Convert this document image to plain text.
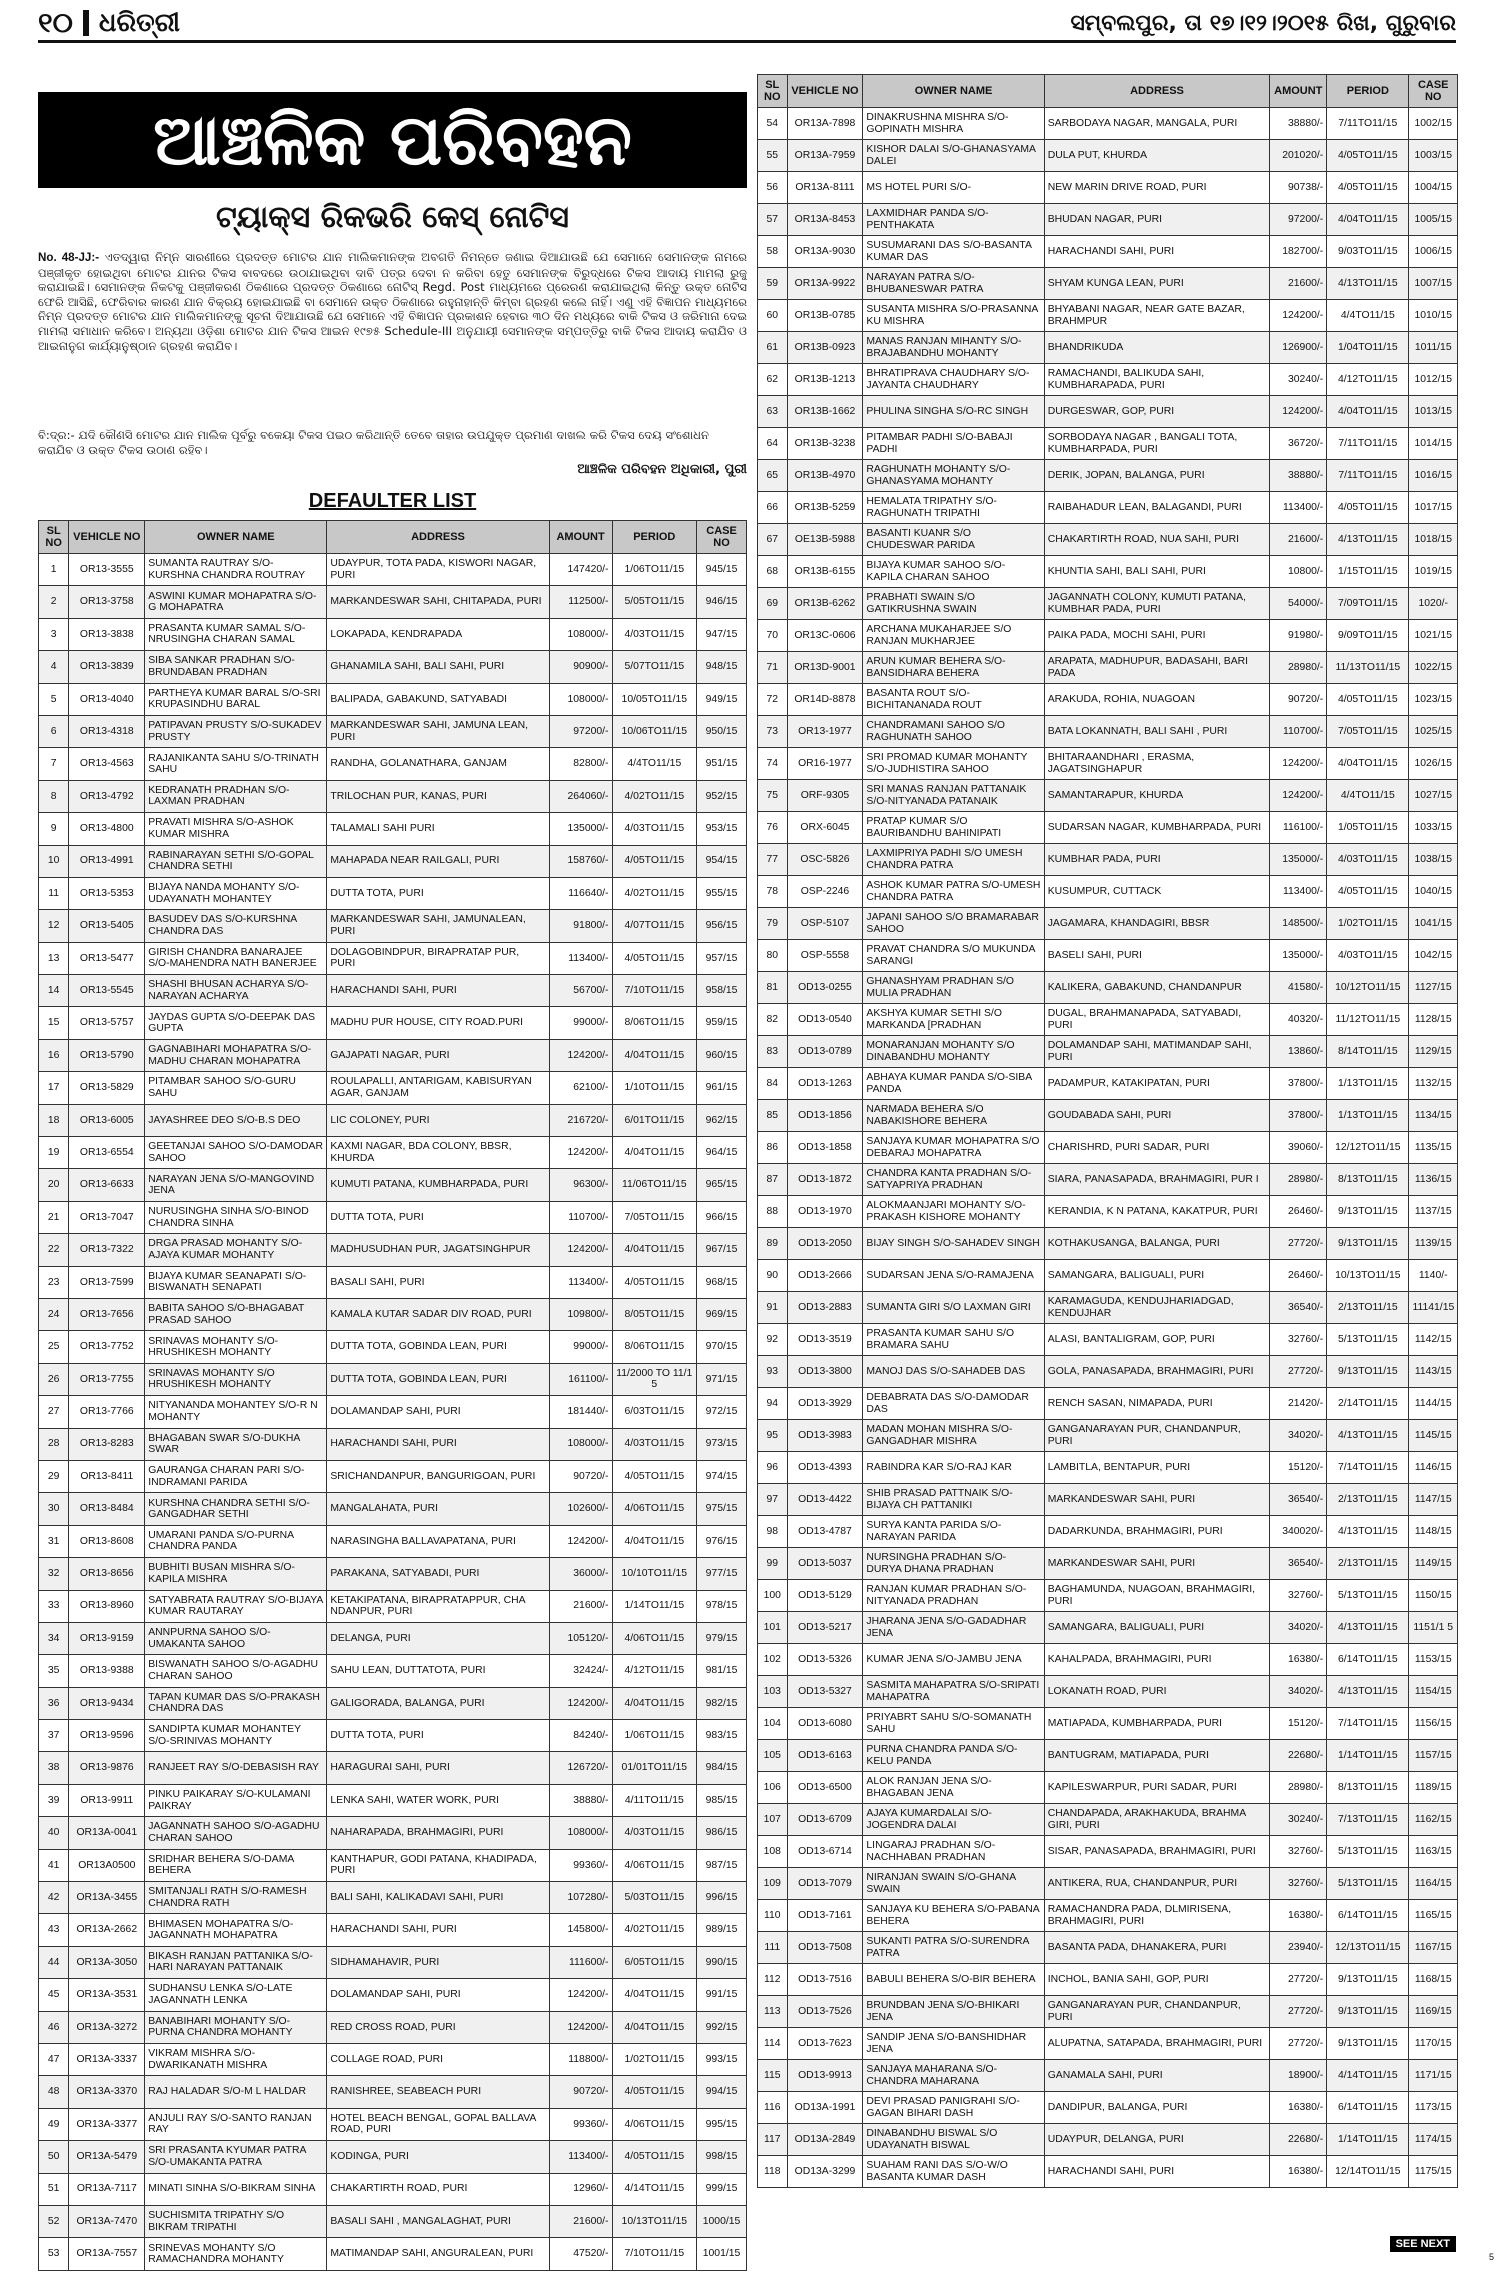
୧୦ ଧରିତ୍ରୀ	ସମ୍ବଲପୁର, ତା ୧୭।୧୨।୨୦୧୫ ରିଖ, ଗୁରୁବାର
ଆଞ୍ଚଳିକ ପରିବହନ
ଟ୍ୟାକ୍ସ ରିକଭରି କେସ୍ ନୋଟିସ
No. 48-JJ:- ଏତଦ୍ୱାରା ନିମ୍ନ ସାରଣୀରେ ପ୍ରଦତ୍ତ ମୋଟର ଯାନ ମାଲିକମାନଙ୍କ ଅବଗତି ନିମନ୍ତେ ଜଣାଇ ଦିଆଯାଉଛି ଯେ ସେମାନେ ସେମାନଙ୍କ ନାମରେ ପଞ୍ଜୀକୃତ ହୋଇଥିବା ମୋଟର ଯାନର ଟିକସ ବାବଦରେ ଉଠାଯାଇଥିବା ଦାବି ପତ୍ର ଦେବା ନ କରିବା ହେତୁ ସେମାନଙ୍କ ବିରୁଦ୍ଧରେ ଟିକସ ଆଦାୟ ମାମଲା ରୁଜୁ କରାଯାଇଛି। ସେମାନଙ୍କ ନିକଟକୁ ପଞ୍ଜୀକରଣ ଠିକଣାରେ ପ୍ରଦତ୍ତ ଠିକଣାରେ ନୋଟିସ୍ Regd. Post ମାଧ୍ୟମରେ ପ୍ରେରଣ କରାଯାଇଥିଲା କିନ୍ତୁ ଉକ୍ତ ନୋଟିସ ଫେରି ଆସିଛି, ଫେରିବାର କାରଣ ଯାନ ବିକ୍ରୟ ହୋଇଯାଇଛି ବା ସେମାନେ ଉକ୍ତ ଠିକଣାରେ ରହୁନାହାନ୍ତି କିମ୍ବା ଗ୍ରହଣ କଲେ ନାହିଁ। ଏଣୁ ଏହି ବିଜ୍ଞାପନ ମାଧ୍ୟମରେ ନିମ୍ନ ପ୍ରଦତ୍ତ ମୋଟର ଯାନ ମାଲିକମାନଙ୍କୁ ସୂଚନା ଦିଆଯାଉଛି ଯେ ସେମାନେ ଏହି ବିଜ୍ଞାପନ ପ୍ରକାଶନ ହେବାର ୩୦ ଦିନ ମଧ୍ୟରେ ବାକି ଟିକସ ଓ ଜରିମାନା ଦେଇ ମାମଲା ସମାଧାନ କରିବେ। ଅନ୍ୟଥା ଓଡ଼ିଶା ମୋଟର ଯାନ ଟିକସ ଆଇନ ୧୯୭୫ Schedule-III ଅନୁଯାୟୀ ସେମାନଙ୍କ ସମ୍ପତ୍ତିରୁ ବାକି ଟିକସ ଆଦାୟ କରାଯିବ ଓ ଆଇନାନୁଗ କାର୍ଯ୍ୟାନୁଷ୍ଠାନ ଗ୍ରହଣ କରାଯିବ।
ବି:ଦ୍ର:- ଯଦି କୌଣସି ମୋଟର ଯାନ ମାଲିକ ପୂର୍ବରୁ ବକେୟା ଟିକସ ପଇଠ କରିଥାନ୍ତି ତେବେ ତାହାର ଉପଯୁକ୍ତ ପ୍ରମାଣ ଦାଖଲ କରି ଟିକସ ଦେୟ ସଂଶୋଧନ କରାଯିବ ଓ ଉକ୍ତ ଟିକସ ଉଠାଣ ରହିବ।
ଆଞ୍ଚଳିକ ପରିବହନ ଅଧିକାରୀ, ପୁରୀ
DEFAULTER LIST
SL NO	VEHICLE NO	OWNER NAME	ADDRESS	AMOUNT	PERIOD	CASE NO
1	OR13-3555	SUMANTA RAUTRAY S/O-KURSHNA CHANDRA ROUTRAY	UDAYPUR, TOTA PADA, KISWORI NAGAR, PURI	147420/-	1/06TO11/15	945/15
2	OR13-3758	ASWINI KUMAR MOHAPATRA S/O-G MOHAPATRA	MARKANDESWAR SAHI, CHITAPADA, PURI	112500/-	5/05TO11/15	946/15
3	OR13-3838	PRASANTA KUMAR SAMAL S/O-NRUSINGHA CHARAN SAMAL	LOKAPADA, KENDRAPADA	108000/-	4/03TO11/15	947/15
4	OR13-3839	SIBA SANKAR PRADHAN S/O-BRUNDABAN PRADHAN	GHANAMILA SAHI, BALI SAHI, PURI	90900/-	5/07TO11/15	948/15
5	OR13-4040	PARTHEYA KUMAR BARAL S/O-SRI KRUPASINDHU BARAL	BALIPADA, GABAKUND, SATYABADI	108000/-	10/05TO11/15	949/15
6	OR13-4318	PATIPAVAN PRUSTY S/O-SUKADEV PRUSTY	MARKANDESWAR SAHI, JAMUNA LEAN, PURI	97200/-	10/06TO11/15	950/15
7	OR13-4563	RAJANIKANTA SAHU S/O-TRINATH SAHU	RANDHA, GOLANATHARA, GANJAM	82800/-	4/4TO11/15	951/15
8	OR13-4792	KEDRANATH PRADHAN S/O-LAXMAN PRADHAN	TRILOCHAN PUR, KANAS, PURI	264060/-	4/02TO11/15	952/15
9	OR13-4800	PRAVATI MISHRA S/O-ASHOK KUMAR MISHRA	TALAMALI SAHI PURI	135000/-	4/03TO11/15	953/15
10	OR13-4991	RABINARAYAN SETHI S/O-GOPAL CHANDRA SETHI	MAHAPADA NEAR RAILGALI, PURI	158760/-	4/05TO11/15	954/15
11	OR13-5353	BIJAYA NANDA MOHANTY S/O-UDAYANATH MOHANTEY	DUTTA TOTA, PURI	116640/-	4/02TO11/15	955/15
12	OR13-5405	BASUDEV DAS S/O-KURSHNA CHANDRA DAS	MARKANDESWAR SAHI, JAMUNALEAN, PURI	91800/-	4/07TO11/15	956/15
13	OR13-5477	GIRISH CHANDRA BANARAJEE S/O-MAHENDRA NATH BANERJEE	DOLAGOBINDPUR, BIRAPRATAP PUR, PURI	113400/-	4/05TO11/15	957/15
14	OR13-5545	SHASHI BHUSAN ACHARYA S/O-NARAYAN ACHARYA	HARACHANDI SAHI, PURI	56700/-	7/10TO11/15	958/15
15	OR13-5757	JAYDAS GUPTA S/O-DEEPAK DAS GUPTA	MADHU PUR HOUSE, CITY ROAD.PURI	99000/-	8/06TO11/15	959/15
16	OR13-5790	GAGNABIHARI MOHAPATRA S/O-MADHU CHARAN MOHAPATRA	GAJAPATI NAGAR, PURI	124200/-	4/04TO11/15	960/15
17	OR13-5829	PITAMBAR SAHOO S/O-GURU SAHU	ROULAPALLI, ANTARIGAM, KABISURYAN AGAR, GANJAM	62100/-	1/10TO11/15	961/15
18	OR13-6005	JAYASHREE DEO S/O-B.S DEO	LIC COLONEY, PURI	216720/-	6/01TO11/15	962/15
19	OR13-6554	GEETANJAI SAHOO S/O-DAMODAR SAHOO	KAXMI NAGAR, BDA COLONY, BBSR, KHURDA	124200/-	4/04TO11/15	964/15
20	OR13-6633	NARAYAN JENA S/O-MANGOVIND JENA	KUMUTI PATANA, KUMBHARPADA, PURI	96300/-	11/06TO11/15	965/15
21	OR13-7047	NURUSINGHA SINHA S/O-BINOD CHANDRA SINHA	DUTTA TOTA, PURI	110700/-	7/05TO11/15	966/15
22	OR13-7322	DRGA PRASAD MOHANTY S/O-AJAYA KUMAR MOHANTY	MADHUSUDHAN PUR, JAGATSINGHPUR	124200/-	4/04TO11/15	967/15
23	OR13-7599	BIJAYA KUMAR SEANAPATI S/O-BISWANATH SENAPATI	BASALI SAHI, PURI	113400/-	4/05TO11/15	968/15
24	OR13-7656	BABITA SAHOO S/O-BHAGABAT PRASAD SAHOO	KAMALA KUTAR SADAR DIV ROAD, PURI	109800/-	8/05TO11/15	969/15
25	OR13-7752	SRINAVAS MOHANTY S/O-HRUSHIKESH MOHANTY	DUTTA TOTA, GOBINDA LEAN, PURI	99000/-	8/06TO11/15	970/15
26	OR13-7755	SRINAVAS MOHANTY S/O HRUSHIKESH MOHANTY	DUTTA TOTA, GOBINDA LEAN, PURI	161100/-	11/2000 TO 11/1 5	971/15
27	OR13-7766	NITYANANDA MOHANTEY S/O-R N MOHANTY	DOLAMANDAP SAHI, PURI	181440/-	6/03TO11/15	972/15
28	OR13-8283	BHAGABAN SWAR S/O-DUKHA SWAR	HARACHANDI SAHI, PURI	108000/-	4/03TO11/15	973/15
29	OR13-8411	GAURANGA CHARAN PARI S/O-INDRAMANI PARIDA	SRICHANDANPUR, BANGURIGOAN, PURI	90720/-	4/05TO11/15	974/15
30	OR13-8484	KURSHNA CHANDRA SETHI S/O-GANGADHAR SETHI	MANGALAHATA, PURI	102600/-	4/06TO11/15	975/15
31	OR13-8608	UMARANI PANDA S/O-PURNA CHANDRA PANDA	NARASINGHA BALLAVAPATANA, PURI	124200/-	4/04TO11/15	976/15
32	OR13-8656	BUBHITI BUSAN MISHRA S/O-KAPILA MISHRA	PARAKANA, SATYABADI, PURI	36000/-	10/10TO11/15	977/15
33	OR13-8960	SATYABRATA RAUTRAY S/O-BIJAYA KUMAR RAUTARAY	KETAKIPATANA, BIRAPRATAPPUR, CHA NDANPUR, PURI	21600/-	1/14TO11/15	978/15
34	OR13-9159	ANNPURNA SAHOO S/O-UMAKANTA SAHOO	DELANGA, PURI	105120/-	4/06TO11/15	979/15
35	OR13-9388	BISWANATH SAHOO S/O-AGADHU CHARAN SAHOO	SAHU LEAN, DUTTATOTA, PURI	32424/-	4/12TO11/15	981/15
36	OR13-9434	TAPAN KUMAR DAS S/O-PRAKASH CHANDRA DAS	GALIGORADA, BALANGA, PURI	124200/-	4/04TO11/15	982/15
37	OR13-9596	SANDIPTA KUMAR MOHANTEY S/O-SRINIVAS MOHANTY	DUTTA TOTA, PURI	84240/-	1/06TO11/15	983/15
38	OR13-9876	RANJEET RAY S/O-DEBASISH RAY	HARAGURAI SAHI, PURI	126720/-	01/01TO11/15	984/15
39	OR13-9911	PINKU PAIKARAY S/O-KULAMANI PAIKRAY	LENKA SAHI, WATER WORK, PURI	38880/-	4/11TO11/15	985/15
40	OR13A-0041	JAGANNATH SAHOO S/O-AGADHU CHARAN SAHOO	NAHARAPADA, BRAHMAGIRI, PURI	108000/-	4/03TO11/15	986/15
41	OR13A0500	SRIDHAR BEHERA S/O-DAMA BEHERA	KANTHAPUR, GODI PATANA, KHADIPADA, PURI	99360/-	4/06TO11/15	987/15
42	OR13A-3455	SMITANJALI RATH S/O-RAMESH CHANDRA RATH	BALI SAHI, KALIKADAVI SAHI, PURI	107280/-	5/03TO11/15	996/15
43	OR13A-2662	BHIMASEN MOHAPATRA S/O-JAGANNATH MOHAPATRA	HARACHANDI SAHI, PURI	145800/-	4/02TO11/15	989/15
44	OR13A-3050	BIKASH RANJAN PATTANIKA S/O-HARI NARAYAN PATTANAIK	SIDHAMAHAVIR, PURI	111600/-	6/05TO11/15	990/15
45	OR13A-3531	SUDHANSU LENKA S/O-LATE JAGANNATH LENKA	DOLAMANDAP SAHI, PURI	124200/-	4/04TO11/15	991/15
46	OR13A-3272	BANABIHARI MOHANTY S/O-PURNA CHANDRA MOHANTY	RED CROSS ROAD, PURI	124200/-	4/04TO11/15	992/15
47	OR13A-3337	VIKRAM MISHRA S/O-DWARIKANATH MISHRA	COLLAGE ROAD, PURI	118800/-	1/02TO11/15	993/15
48	OR13A-3370	RAJ HALADAR S/O-M L HALDAR	RANISHREE, SEABEACH PURI	90720/-	4/05TO11/15	994/15
49	OR13A-3377	ANJULI RAY S/O-SANTO RANJAN RAY	HOTEL BEACH BENGAL, GOPAL BALLAVA ROAD, PURI	99360/-	4/06TO11/15	995/15
50	OR13A-5479	SRI PRASANTA KYUMAR PATRA S/O-UMAKANTA PATRA	KODINGA, PURI	113400/-	4/05TO11/15	998/15
51	OR13A-7117	MINATI SINHA S/O-BIKRAM SINHA	CHAKARTIRTH ROAD, PURI	12960/-	4/14TO11/15	999/15
52	OR13A-7470	SUCHISMITA TRIPATHY S/O BIKRAM TRIPATHI	BASALI SAHI , MANGALAGHAT, PURI	21600/-	10/13TO11/15	1000/15
53	OR13A-7557	SRINEVAS MOHANTY S/O RAMACHANDRA MOHANTY	MATIMANDAP SAHI, ANGURALEAN, PURI	47520/-	7/10TO11/15	1001/15
SL NO	VEHICLE NO	OWNER NAME	ADDRESS	AMOUNT	PERIOD	CASE NO
54	OR13A-7898	DINAKRUSHNA MISHRA S/O-GOPINATH MISHRA	SARBODAYA NAGAR, MANGALA, PURI	38880/-	7/11TO11/15	1002/15
55	OR13A-7959	KISHOR DALAI S/O-GHANASYAMA DALEI	DULA PUT, KHURDA	201020/-	4/05TO11/15	1003/15
56	OR13A-8111	MS HOTEL PURI S/O-	NEW MARIN DRIVE ROAD, PURI	90738/-	4/05TO11/15	1004/15
57	OR13A-8453	LAXMIDHAR PANDA S/O-PENTHAKATA	BHUDAN NAGAR, PURI	97200/-	4/04TO11/15	1005/15
58	OR13A-9030	SUSUMARANI DAS S/O-BASANTA KUMAR DAS	HARACHANDI SAHI, PURI	182700/-	9/03TO11/15	1006/15
59	OR13A-9922	NARAYAN PATRA S/O-BHUBANESWAR PATRA	SHYAM KUNGA LEAN, PURI	21600/-	4/13TO11/15	1007/15
60	OR13B-0785	SUSANTA MISHRA S/O-PRASANNA KU MISHRA	BHYABANI NAGAR, NEAR GATE BAZAR, BRAHMPUR	124200/-	4/4TO11/15	1010/15
61	OR13B-0923	MANAS RANJAN MIHANTY S/O-BRAJABANDHU MOHANTY	BHANDRIKUDA	126900/-	1/04TO11/15	1011/15
62	OR13B-1213	BHRATIPRAVA CHAUDHARY S/O-JAYANTA CHAUDHARY	RAMACHANDI, BALIKUDA SAHI, KUMBHARAPADA, PURI	30240/-	4/12TO11/15	1012/15
63	OR13B-1662	PHULINA SINGHA S/O-RC SINGH	DURGESWAR, GOP, PURI	124200/-	4/04TO11/15	1013/15
64	OR13B-3238	PITAMBAR PADHI S/O-BABAJI PADHI	SORBODAYA NAGAR , BANGALI TOTA, KUMBHARPADA, PURI	36720/-	7/11TO11/15	1014/15
65	OR13B-4970	RAGHUNATH MOHANTY S/O-GHANASYAMA MOHANTY	DERIK, JOPAN, BALANGA, PURI	38880/-	7/11TO11/15	1016/15
66	OR13B-5259	HEMALATA TRIPATHY S/O-RAGHUNATH TRIPATHI	RAIBAHADUR LEAN, BALAGANDI, PURI	113400/-	4/05TO11/15	1017/15
67	OE13B-5988	BASANTI KUANR S/O CHUDESWAR PARIDA	CHAKARTIRTH ROAD, NUA SAHI, PURI	21600/-	4/13TO11/15	1018/15
68	OR13B-6155	BIJAYA KUMAR SAHOO S/O-KAPILA CHARAN SAHOO	KHUNTIA SAHI, BALI SAHI, PURI	10800/-	1/15TO11/15	1019/15
69	OR13B-6262	PRABHATI SWAIN S/O GATIKRUSHNA SWAIN	JAGANNATH COLONY, KUMUTI PATANA, KUMBHAR PADA, PURI	54000/-	7/09TO11/15	1020/-
70	OR13C-0606	ARCHANA MUKAHARJEE S/O RANJAN MUKHARJEE	PAIKA PADA, MOCHI SAHI, PURI	91980/-	9/09TO11/15	1021/15
71	OR13D-9001	ARUN KUMAR BEHERA S/O-BANSIDHARA BEHERA	ARAPATA, MADHUPUR, BADASAHI, BARI PADA	28980/-	11/13TO11/15	1022/15
72	OR14D-8878	BASANTA ROUT S/O-BICHITANANADA ROUT	ARAKUDA, ROHIA, NUAGOAN	90720/-	4/05TO11/15	1023/15
73	OR13-1977	CHANDRAMANI SAHOO S/O RAGHUNATH SAHOO	BATA LOKANNATH, BALI SAHI , PURI	110700/-	7/05TO11/15	1025/15
74	OR16-1977	SRI PROMAD KUMAR MOHANTY S/O-JUDHISTIRA SAHOO	BHITARAANDHARI , ERASMA, JAGATSINGHAPUR	124200/-	4/04TO11/15	1026/15
75	ORF-9305	SRI MANAS RANJAN PATTANAIK S/O-NITYANADA PATANAIK	SAMANTARAPUR, KHURDA	124200/-	4/4TO11/15	1027/15
76	ORX-6045	PRATAP KUMAR S/O BAURIBANDHU BAHINIPATI	SUDARSAN NAGAR, KUMBHARPADA, PURI	116100/-	1/05TO11/15	1033/15
77	OSC-5826	LAXMIPRIYA PADHI S/O UMESH CHANDRA PATRA	KUMBHAR PADA, PURI	135000/-	4/03TO11/15	1038/15
78	OSP-2246	ASHOK KUMAR PATRA S/O-UMESH CHANDRA PATRA	KUSUMPUR, CUTTACK	113400/-	4/05TO11/15	1040/15
79	OSP-5107	JAPANI SAHOO S/O BRAMARABAR SAHOO	JAGAMARA, KHANDAGIRI, BBSR	148500/-	1/02TO11/15	1041/15
80	OSP-5558	PRAVAT CHANDRA S/O MUKUNDA SARANGI	BASELI SAHI, PURI	135000/-	4/03TO11/15	1042/15
81	OD13-0255	GHANASHYAM PRADHAN S/O MULIA PRADHAN	KALIKERA, GABAKUND, CHANDANPUR	41580/-	10/12TO11/15	1127/15
82	OD13-0540	AKSHYA KUMAR SETHI S/O MARKANDA [PRADHAN	DUGAL, BRAHMANAPADA, SATYABADI, PURI	40320/-	11/12TO11/15	1128/15
83	OD13-0789	MONARANJAN MOHANTY S/O DINABANDHU MOHANTY	DOLAMANDAP SAHI, MATIMANDAP SAHI, PURI	13860/-	8/14TO11/15	1129/15
84	OD13-1263	ABHAYA KUMAR PANDA S/O-SIBA PANDA	PADAMPUR, KATAKIPATAN, PURI	37800/-	1/13TO11/15	1132/15
85	OD13-1856	NARMADA BEHERA S/O NABAKISHORE BEHERA	GOUDABADA SAHI, PURI	37800/-	1/13TO11/15	1134/15
86	OD13-1858	SANJAYA KUMAR MOHAPATRA S/O DEBARAJ MOHAPATRA	CHARISHRD, PURI SADAR, PURI	39060/-	12/12TO11/15	1135/15
87	OD13-1872	CHANDRA KANTA PRADHAN S/O-SATYAPRIYA PRADHAN	SIARA, PANASAPADA, BRAHMAGIRI, PUR I	28980/-	8/13TO11/15	1136/15
88	OD13-1970	ALOKMAANJARI MOHANTY S/O-PRAKASH KISHORE MOHANTY	KERANDIA, K N PATANA, KAKATPUR, PURI	26460/-	9/13TO11/15	1137/15
89	OD13-2050	BIJAY SINGH S/O-SAHADEV SINGH	KOTHAKUSANGA, BALANGA, PURI	27720/-	9/13TO11/15	1139/15
90	OD13-2666	SUDARSAN JENA S/O-RAMAJENA	SAMANGARA, BALIGUALI, PURI	26460/-	10/13TO11/15	1140/-
91	OD13-2883	SUMANTA GIRI S/O LAXMAN GIRI	KARAMAGUDA, KENDUJHARIADGAD, KENDUJHAR	36540/-	2/13TO11/15	11141/15
92	OD13-3519	PRASANTA KUMAR SAHU S/O BRAMARA SAHU	ALASI, BANTALIGRAM, GOP, PURI	32760/-	5/13TO11/15	1142/15
93	OD13-3800	MANOJ DAS S/O-SAHADEB DAS	GOLA, PANASAPADA, BRAHMAGIRI, PURI	27720/-	9/13TO11/15	1143/15
94	OD13-3929	DEBABRATA DAS S/O-DAMODAR DAS	RENCH SASAN, NIMAPADA, PURI	21420/-	2/14TO11/15	1144/15
95	OD13-3983	MADAN MOHAN MISHRA S/O-GANGADHAR MISHRA	GANGANARAYAN PUR, CHANDANPUR, PURI	34020/-	4/13TO11/15	1145/15
96	OD13-4393	RABINDRA KAR S/O-RAJ KAR	LAMBITLA, BENTAPUR, PURI	15120/-	7/14TO11/15	1146/15
97	OD13-4422	SHIB PRASAD PATTNAIK S/O-BIJAYA CH PATTANIKI	MARKANDESWAR SAHI, PURI	36540/-	2/13TO11/15	1147/15
98	OD13-4787	SURYA KANTA PARIDA S/O-NARAYAN PARIDA	DADARKUNDA, BRAHMAGIRI, PURI	340020/-	4/13TO11/15	1148/15
99	OD13-5037	NURSINGHA PRADHAN S/O-DURYA DHANA PRADHAN	MARKANDESWAR SAHI, PURI	36540/-	2/13TO11/15	1149/15
100	OD13-5129	RANJAN KUMAR PRADHAN S/O-NITYANADA PRADHAN	BAGHAMUNDA, NUAGOAN, BRAHMAGIRI, PURI	32760/-	5/13TO11/15	1150/15
101	OD13-5217	JHARANA JENA S/O-GADADHAR JENA	SAMANGARA, BALIGUALI, PURI	34020/-	4/13TO11/15	1151/1 5
102	OD13-5326	KUMAR JENA S/O-JAMBU JENA	KAHALPADA, BRAHMAGIRI, PURI	16380/-	6/14TO11/15	1153/15
103	OD13-5327	SASMITA MAHAPATRA S/O-SRIPATI MAHAPATRA	LOKANATH ROAD, PURI	34020/-	4/13TO11/15	1154/15
104	OD13-6080	PRIYABRT SAHU S/O-SOMANATH SAHU	MATIAPADA, KUMBHARPADA, PURI	15120/-	7/14TO11/15	1156/15
105	OD13-6163	PURNA CHANDRA PANDA S/O-KELU PANDA	BANTUGRAM, MATIAPADA, PURI	22680/-	1/14TO11/15	1157/15
106	OD13-6500	ALOK RANJAN JENA S/O-BHAGABAN JENA	KAPILESWARPUR, PURI SADAR, PURI	28980/-	8/13TO11/15	1189/15
107	OD13-6709	AJAYA KUMARDALAI S/O-JOGENDRA DALAI	CHANDAPADA, ARAKHAKUDA, BRAHMA GIRI, PURI	30240/-	7/13TO11/15	1162/15
108	OD13-6714	LINGARAJ PRADHAN S/O-NACHHABAN PRADHAN	SISAR, PANASAPADA, BRAHMAGIRI, PURI	32760/-	5/13TO11/15	1163/15
109	OD13-7079	NIRANJAN SWAIN S/O-GHANA SWAIN	ANTIKERA, RUA, CHANDANPUR, PURI	32760/-	5/13TO11/15	1164/15
110	OD13-7161	SANJAYA KU BEHERA S/O-PABANA BEHERA	RAMACHANDRA PADA, DLMIRISENA, BRAHMAGIRI, PURI	16380/-	6/14TO11/15	1165/15
111	OD13-7508	SUKANTI PATRA S/O-SURENDRA PATRA	BASANTA PADA, DHANAKERA, PURI	23940/-	12/13TO11/15	1167/15
112	OD13-7516	BABULI BEHERA S/O-BIR BEHERA	INCHOL, BANIA SAHI, GOP, PURI	27720/-	9/13TO11/15	1168/15
113	OD13-7526	BRUNDBAN JENA S/O-BHIKARI JENA	GANGANARAYAN PUR, CHANDANPUR, PURI	27720/-	9/13TO11/15	1169/15
114	OD13-7623	SANDIP JENA S/O-BANSHIDHAR JENA	ALUPATNA, SATAPADA, BRAHMAGIRI, PURI	27720/-	9/13TO11/15	1170/15
115	OD13-9913	SANJAYA MAHARANA S/O-CHANDRA MAHARANA	GANAMALA SAHI, PURI	18900/-	4/14TO11/15	1171/15
116	OD13A-1991	DEVI PRASAD PANIGRAHI S/O-GAGAN BIHARI DASH	DANDIPUR, BALANGA, PURI	16380/-	6/14TO11/15	1173/15
117	OD13A-2849	DINABANDHU BISWAL S/O UDAYANATH BISWAL	UDAYPUR, DELANGA, PURI	22680/-	1/14TO11/15	1174/15
118	OD13A-3299	SUAHAM RANI DAS S/O-W/O BASANTA KUMAR DASH	HARACHANDI SAHI, PURI	16380/-	12/14TO11/15	1175/15
SEE NEXT
5
